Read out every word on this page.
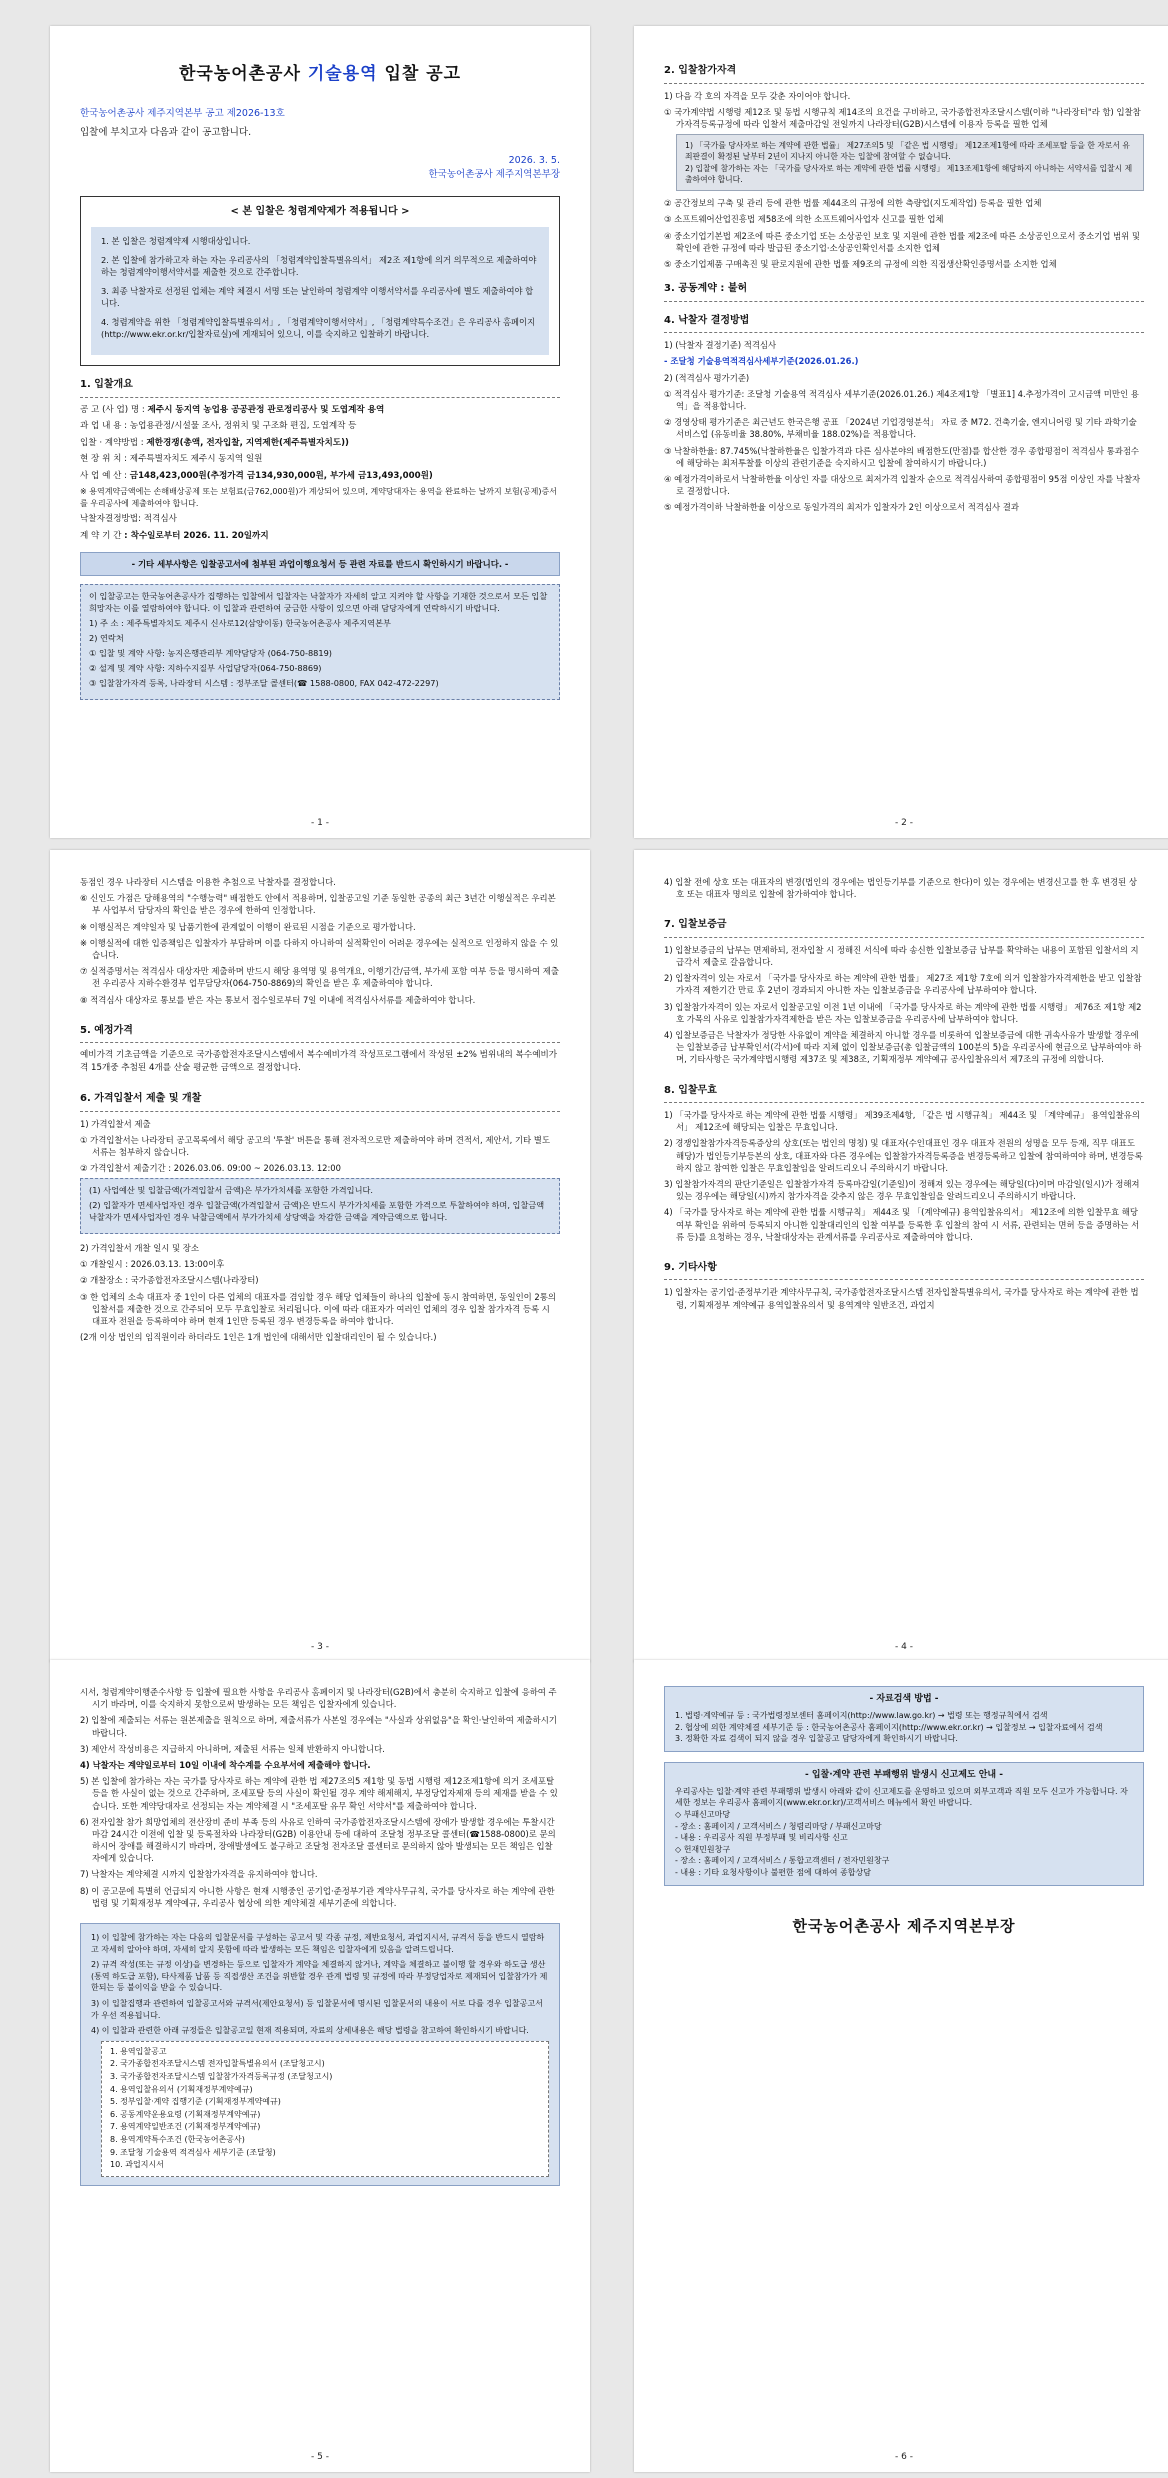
한국농어촌공사 기술용역 입찰 공고
한국농어촌공사 제주지역본부 공고 제2026-13호
입찰에 부치고자 다음과 같이 공고합니다.
2026. 3. 5.
한국농어촌공사 제주지역본부장
< 본 입찰은 청렴계약제가 적용됩니다 >

1. 본 입찰은 청렴계약제 시행대상입니다.

2. 본 입찰에 참가하고자 하는 자는 우리공사의 「청렴계약입찰특별유의서」 제2조 제1항에 의거 의무적으로 제출하여야 하는 청렴계약이행서약서를 제출한 것으로 간주합니다.

3. 최종 낙찰자로 선정된 업체는 계약 체결시 서명 또는 날인하여 청렴계약 이행서약서를 우리공사에 별도 제출하여야 합니다.

4. 청렴계약을 위한 「청렴계약입찰특별유의서」, 「청렴계약이행서약서」, 「청렴계약특수조건」은 우리공사 홈페이지(http://www.ekr.or.kr/입찰자료실)에 게재되어 있으니, 이를 숙지하고 입찰하기 바랍니다.

1. 입찰개요
공 고 (사 업) 명 : 제주시 동지역 농업용 공공관정 관로정리공사 및 도엽계작 용역
과 업 내 용 : 농업용관정/시설물 조사, 정위치 및 구조화 편집, 도엽계작 등
입찰 · 계약방법 : 제한경쟁(총액, 전자입찰, 지역제한(제주특별자치도))
현 장 위 치 : 제주특별자치도 제주시 동지역 일원
사 업 예 산 : 금148,423,000원(추정가격 금134,930,000원, 부가세 금13,493,000원)
※ 용역계약금액에는 손해배상공제 또는 보험료(금762,000원)가 계상되어 있으며, 계약당대자는 용역을 완료하는 날까지 보험(공제)증서를 우리공사에 제출하여야 합니다.
낙찰자결정방법: 적격심사
계 약 기 간 : 착수일로부터 2026. 11. 20일까지
- 기타 세부사항은 입찰공고서에 첨부된 과업이행요청서 등 관련 자료를 반드시 확인하시기 바랍니다. -

이 입찰공고는 한국농어촌공사가 집행하는 입찰에서 입찰자는 낙찰자가 자세히 알고 지켜야 할 사항을 기재한 것으로서 모든 입찰희망자는 이를 열람하여야 합니다. 이 입찰과 관련하여 궁금한 사항이 있으면 아래 담당자에게 연락하시기 바랍니다.

1) 주 소 : 제주특별자치도 제주시 신사로12(삼양이동) 한국농어촌공사 제주지역본부

2) 연락처

① 입찰 및 계약 사항: 농지은행관리부 계약담당자 (064-750-8819)

② 설계 및 계약 사항: 지하수지질부 사업담당자(064-750-8869)

③ 입찰참가자격 등록, 나라장터 시스템 : 정부조달 콜센터(☎ 1588-0800, FAX 042-472-2297)

- 1 -
2. 입찰참가자격
1) 다음 각 호의 자격을 모두 갖춘 자이어야 합니다.
① 국가계약법 시행령 제12조 및 동법 시행규칙 제14조의 요건을 구비하고, 국가종합전자조달시스템(이하 "나라장터"라 함) 입찰참가자격등록규정에 따라 입찰서 제출마감일 전일까지 나라장터(G2B)시스템에 이용자 등록을 필한 업체
1) 「국가를 당사자로 하는 계약에 관한 법률」 제27조의5 및 「같은 법 시행령」 제12조제1항에 따라 조세포탈 등을 한 자로서 유죄판결이 확정된 날부터 2년이 지나지 아니한 자는 입찰에 참여할 수 없습니다.
2) 입찰에 참가하는 자는 「국가를 당사자로 하는 계약에 관한 법률 시행령」 제13조제1항에 해당하지 아니하는 서약서를 입찰시 제출하여야 합니다.
② 공간정보의 구축 및 관리 등에 관한 법률 제44조의 규정에 의한 측량업(지도제작업) 등록을 필한 업체
③ 소프트웨어산업진흥법 제58조에 의한 소프트웨어사업자 신고를 필한 업체
④ 중소기업기본법 제2조에 따른 중소기업 또는 소상공인 보호 및 지원에 관한 법률 제2조에 따른 소상공인으로서 중소기업 범위 및 확인에 관한 규정에 따라 발급된 중소기업·소상공인확인서를 소지한 업체
⑤ 중소기업제품 구매촉진 및 판로지원에 관한 법률 제9조의 규정에 의한 직접생산확인증명서를 소지한 업체
3. 공동계약 : 불허
4. 낙찰자 결정방법
1) (낙찰자 결정기준) 적격심사
- 조달청 기술용역적격심사세부기준(2026.01.26.)
2) (적격심사 평가기준)
① 적격심사 평가기준: 조달청 기술용역 적격심사 세부기준(2026.01.26.) 제4조제1항 「별표1] 4.추정가격이 고시금액 미만인 용역」을 적용합니다.
② 경영상태 평가기준은 최근년도 한국은행 공표 「2024년 기업경영분석」 자료 중 M72. 건축기술, 엔지니어링 및 기타 과학기술 서비스업 (유동비율 38.80%, 부채비율 188.02%)을 적용합니다.
③ 낙찰하한율: 87.745%(낙찰하한율은 입찰가격과 다른 심사분야의 배점한도(만점)를 합산한 경우 종합평점이 적격심사 통과점수에 해당하는 최저투찰률 이상의 관련기준을 숙지하시고 입찰에 참여하시기 바랍니다.)
④ 예정가격이하로서 낙찰하한율 이상인 자를 대상으로 최저가격 입찰자 순으로 적격심사하여 종합평점이 95점 이상인 자를 낙찰자로 결정합니다.
⑤ 예정가격이하 낙찰하한율 이상으로 동일가격의 최저가 입찰자가 2인 이상으로서 적격심사 결과
- 2 -
동점인 경우 나라장터 시스템을 이용한 추첨으로 낙찰자를 결정합니다.
⑥ 신인도 가점은 당해용역의 "수행능력" 배점한도 안에서 적용하며, 입찰공고일 기준 동일한 공종의 최근 3년간 이행실적은 우리본부 사업부서 담당자의 확인을 받은 경우에 한하여 인정합니다.
※ 이행실적은 계약일자 및 납품기한에 관계없이 이행이 완료된 시점을 기준으로 평가합니다.
※ 이행실적에 대한 입증책임은 입찰자가 부담하며 이를 다하지 아니하여 실적확인이 어려운 경우에는 실적으로 인정하지 않을 수 있습니다.
⑦ 실적증명서는 적격심사 대상자만 제출하며 반드시 해당 용역명 및 용역개요, 이행기간/금액, 부가세 포함 여부 등을 명시하여 제출 전 우리공사 지하수환경부 업무담당자(064-750-8869)의 확인을 받은 후 제출하여야 합니다.
⑧ 적격심사 대상자로 통보를 받은 자는 통보서 접수일로부터 7일 이내에 적격심사서류를 제출하여야 합니다.
5. 예정가격
예비가격 기초금액을 기준으로 국가종합전자조달시스템에서 복수예비가격 작성프로그램에서 작성된 ±2% 범위내의 복수예비가격 15개중 추첨된 4개를 산술 평균한 금액으로 결정합니다.
6. 가격입찰서 제출 및 개찰
1) 가격입찰서 제출
① 가격입찰서는 나라장터 공고목록에서 해당 공고의 '투찰' 버튼을 통해 전자적으로만 제출하여야 하며 견적서, 제안서, 기타 별도 서류는 첨부하지 않습니다.
② 가격입찰서 제출기간 : 2026.03.06. 09:00 ~ 2026.03.13. 12:00

(1) 사업예산 및 입찰금액(가격입찰서 금액)은 부가가치세를 포함한 가격입니다.

(2) 입찰자가 면세사업자인 경우 입찰금액(가격입찰서 금액)은 반드시 부가가치세를 포함한 가격으로 투찰하여야 하며, 입찰금액 낙찰자가 면세사업자인 경우 낙찰금액에서 부가가치세 상당액을 차감한 금액을 계약금액으로 합니다.

2) 가격입찰서 개찰 일시 및 장소
① 개찰일시 : 2026.03.13. 13:00이후
② 개찰장소 : 국가종합전자조달시스템(나라장터)
③ 한 업체의 소속 대표자 중 1인이 다른 업체의 대표자를 겸임할 경우 해당 업체들이 하나의 입찰에 동시 참여하면, 동일인이 2통의 입찰서를 제출한 것으로 간주되어 모두 무효입찰로 처리됩니다. 이에 따라 대표자가 여러인 업체의 경우 입찰 참가자격 등록 시 대표자 전원을 등록하여야 하며 현재 1인만 등록된 경우 변경등록을 하여야 합니다.
(2개 이상 법인의 임직원이라 하더라도 1인은 1개 법인에 대해서만 입찰대리인이 될 수 있습니다.)
- 3 -
4) 입찰 전에 상호 또는 대표자의 변경(법인의 경우에는 법인등기부를 기준으로 한다)이 있는 경우에는 변경신고를 한 후 변경된 상호 또는 대표자 명의로 입찰에 참가하여야 합니다.
7. 입찰보증금
1) 입찰보증금의 납부는 면제하되, 전자입찰 시 정해진 서식에 따라 송신한 입찰보증금 납부를 확약하는 내용이 포함된 입찰서의 지급각서 제출로 갈음합니다.
2) 입찰자격이 있는 자로서 「국가를 당사자로 하는 계약에 관한 법률」 제27조 제1항 7호에 의거 입찰참가자격제한을 받고 입찰참가자격 제한기간 만료 후 2년이 경과되지 아니한 자는 입찰보증금을 우리공사에 납부하여야 합니다.
3) 입찰참가자격이 있는 자로서 입찰공고일 이전 1년 이내에 「국가를 당사자로 하는 계약에 관한 법률 시행령」 제76조 제1항 제2호 가목의 사유로 입찰참가자격제한을 받은 자는 입찰보증금을 우리공사에 납부하여야 합니다.
4) 입찰보증금은 낙찰자가 정당한 사유없이 계약을 체결하지 아니할 경우를 비롯하여 입찰보증금에 대한 귀속사유가 발생할 경우에는 입찰보증금 납부확인서(각서)에 따라 지체 없이 입찰보증금(총 입찰금액의 100분의 5)을 우리공사에 현금으로 납부하여야 하며, 기타사항은 국가계약법시행령 제37조 및 제38조, 기획재정부 계약예규 공사입찰유의서 제7조의 규정에 의합니다.
8. 입찰무효
1) 「국가를 당사자로 하는 계약에 관한 법률 시행령」 제39조제4항, 「같은 법 시행규칙」 제44조 및 「계약예규」 용역입찰유의서」 제12조에 해당되는 입찰은 무효입니다.
2) 경쟁입찰참가자격등록증상의 상호(또는 법인의 명칭) 및 대표자(수인대표인 경우 대표자 전원의 성명을 모두 등재, 직무 대표도 해당)가 법인등기부등본의 상호, 대표자와 다른 경우에는 입찰참가자격등록증을 변경등록하고 입찰에 참여하여야 하며, 변경등록하지 않고 참여한 입찰은 무효입찰임을 알려드리오니 주의하시기 바랍니다.
3) 입찰참가자격의 판단기준일은 입찰참가자격 등록마감일(기준일)이 정해져 있는 경우에는 해당일(다)이며 마감일(일시)가 정해져 있는 경우에는 해당일(시)까지 참가자격을 갖추지 않은 경우 무효입찰임을 알려드리오니 주의하시기 바랍니다.
4) 「국가를 당사자로 하는 계약에 관한 법률 시행규칙」 제44조 및 「(계약예규) 용역입찰유의서」 제12조에 의한 입찰무효 해당여부 확인을 위하여 등록되지 아니한 입찰대리인의 입찰 여부를 등록한 후 입찰의 참여 시 서류, 관련되는 면허 등을 증명하는 서류 등)를 요청하는 경우, 낙찰대상자는 관계서류를 우리공사로 제출하여야 합니다.
9. 기타사항
1) 입찰자는 공기업·준정부기관 계약사무규칙, 국가종합전자조달시스템 전자입찰특별유의서, 국가를 당사자로 하는 계약에 관한 법령, 기획재정부 계약예규 용역입찰유의서 및 용역계약 일반조건, 과업지
- 4 -
시서, 청렴계약이행준수사항 등 입찰에 필요한 사항을 우리공사 홈페이지 및 나라장터(G2B)에서 충분히 숙지하고 입찰에 응하여 주시기 바라며, 이를 숙지하지 못함으로써 발생하는 모든 책임은 입찰자에게 있습니다.
2) 입찰에 제출되는 서류는 원본제출을 원칙으로 하며, 제출서류가 사본일 경우에는 "사실과 상위없음"을 확인·날인하여 제출하시기 바랍니다.
3) 제안서 작성비용은 지급하지 아니하며, 제출된 서류는 일체 반환하지 아니합니다.
4) 낙찰자는 계약일로부터 10일 이내에 착수계를 수요부서에 제출해야 합니다.
5) 본 입찰에 참가하는 자는 국가를 당사자로 하는 계약에 관한 법 제27조의5 제1항 및 동법 시행령 제12조제1항에 의거 조세포탈 등을 한 사실이 없는 것으로 간주하며, 조세포탈 등의 사실이 확인될 경우 계약 해제해지, 부정당업자제재 등의 제재를 받을 수 있습니다. 또한 계약당대자로 선정되는 자는 계약체결 시 "조세포탈 유무 확인 서약서"를 제출하여야 합니다.
6) 전자입찰 참가 희망업체의 전산장비 준비 부족 등의 사유로 인하여 국가종합전자조달시스템에 장애가 발생할 경우에는 투찰시간 마감 24시간 이전에 입찰 및 등록절차와 나라장터(G2B) 이용안내 등에 대하여 조달청 정부조달 콜센터(☎1588-0800)로 문의하시어 장애를 해결하시기 바라며, 장애발생에도 불구하고 조달청 전자조달 콜센터로 문의하지 않아 발생되는 모든 책임은 입찰자에게 있습니다.
7) 낙찰자는 계약체결 시까지 입찰참가자격을 유지하여야 합니다.
8) 이 공고문에 특별히 언급되지 아니한 사항은 현재 시행중인 공기업·준정부기관 계약사무규칙, 국가를 당사자로 하는 계약에 관한 법령 및 기획재정부 계약예규, 우리공사 협상에 의한 계약체결 세부기준에 의합니다.

1) 이 입찰에 참가하는 자는 다음의 입찰문서를 구성하는 공고서 및 각종 규정, 제반요청서, 과업지시서, 규격서 등을 반드시 열람하고 자세히 알아야 하며, 자세히 알지 못함에 따라 발생하는 모든 책임은 입찰자에게 있음을 알려드립니다.

2) 규격 작성(또는 규정 이상)을 변경하는 등으로 입찰자가 계약을 체결하지 않거나, 계약을 체결하고 불이행 할 경우와 하도급 생산(통역 하도급 포함), 타사제품 납품 등 직접생산 조건을 위반할 경우 관계 법령 및 규정에 따라 부정당업자로 제재되어 입찰참가가 제한되는 등 불이익을 받을 수 있습니다.

3) 이 입찰집행과 관련하여 입찰공고서와 규격서(제안요청서) 등 입찰문서에 명시된 입찰문서의 내용이 서로 다를 경우 입찰공고서가 우선 적용됩니다.

4) 이 입찰과 관련한 아래 규정들은 입찰공고일 현재 적용되며, 자료의 상세내용은 해당 법령을 참고하여 확인하시기 바랍니다.

1. 용역입찰공고
2. 국가종합전자조달시스템 전자입찰특별유의서 (조달청고시)
3. 국가종합전자조달시스템 입찰참가자격등록규정 (조달청고시)
4. 용역입찰유의서 (기획재정부계약예규)
5. 정부입찰·계약 집행기준 (기획재정부계약예규)
6. 공동계약운용요령 (기획재정부계약예규)
7. 용역계약일반조건 (기획재정부계약예규)
8. 용역계약특수조건 (한국농어촌공사)
9. 조달청 기술용역 적격심사 세부기준 (조달청)
10. 과업지시서
- 5 -
- 자료검색 방법 -
1. 법령·계약예규 등 : 국가법령정보센터 홈페이지(http://www.law.go.kr) → 법령 또는 행정규칙에서 검색
2. 협상에 의한 계약체결 세부기준 등 : 한국농어촌공사 홈페이지(http://www.ekr.or.kr) → 입찰정보 → 입찰자료에서 검색
3. 정확한 자료 검색이 되지 않을 경우 입찰공고 담당자에게 확인하시기 바랍니다.
- 입찰·계약 관련 부패행위 발생시 신고제도 안내 -
우리공사는 입찰·계약 관련 부패행위 발생시 아래와 같이 신고제도를 운영하고 있으며 외부고객과 직원 모두 신고가 가능합니다. 자세한 정보는 우리공사 홈페이지(www.ekr.or.kr)/고객서비스 메뉴에서 확인 바랍니다.
◇ 부패신고마당
- 장소 : 홈페이지 / 고객서비스 / 청렴리마당 / 부패신고마당
- 내용 : 우리공사 직원 부정부패 및 비리사항 신고
◇ 헌재민원창구
- 장소 : 홈페이지 / 고객서비스 / 통합고객센터 / 전자민원창구
- 내용 : 기타 요청사항이나 불편한 점에 대하여 종합상담
한국농어촌공사 제주지역본부장
- 6 -
